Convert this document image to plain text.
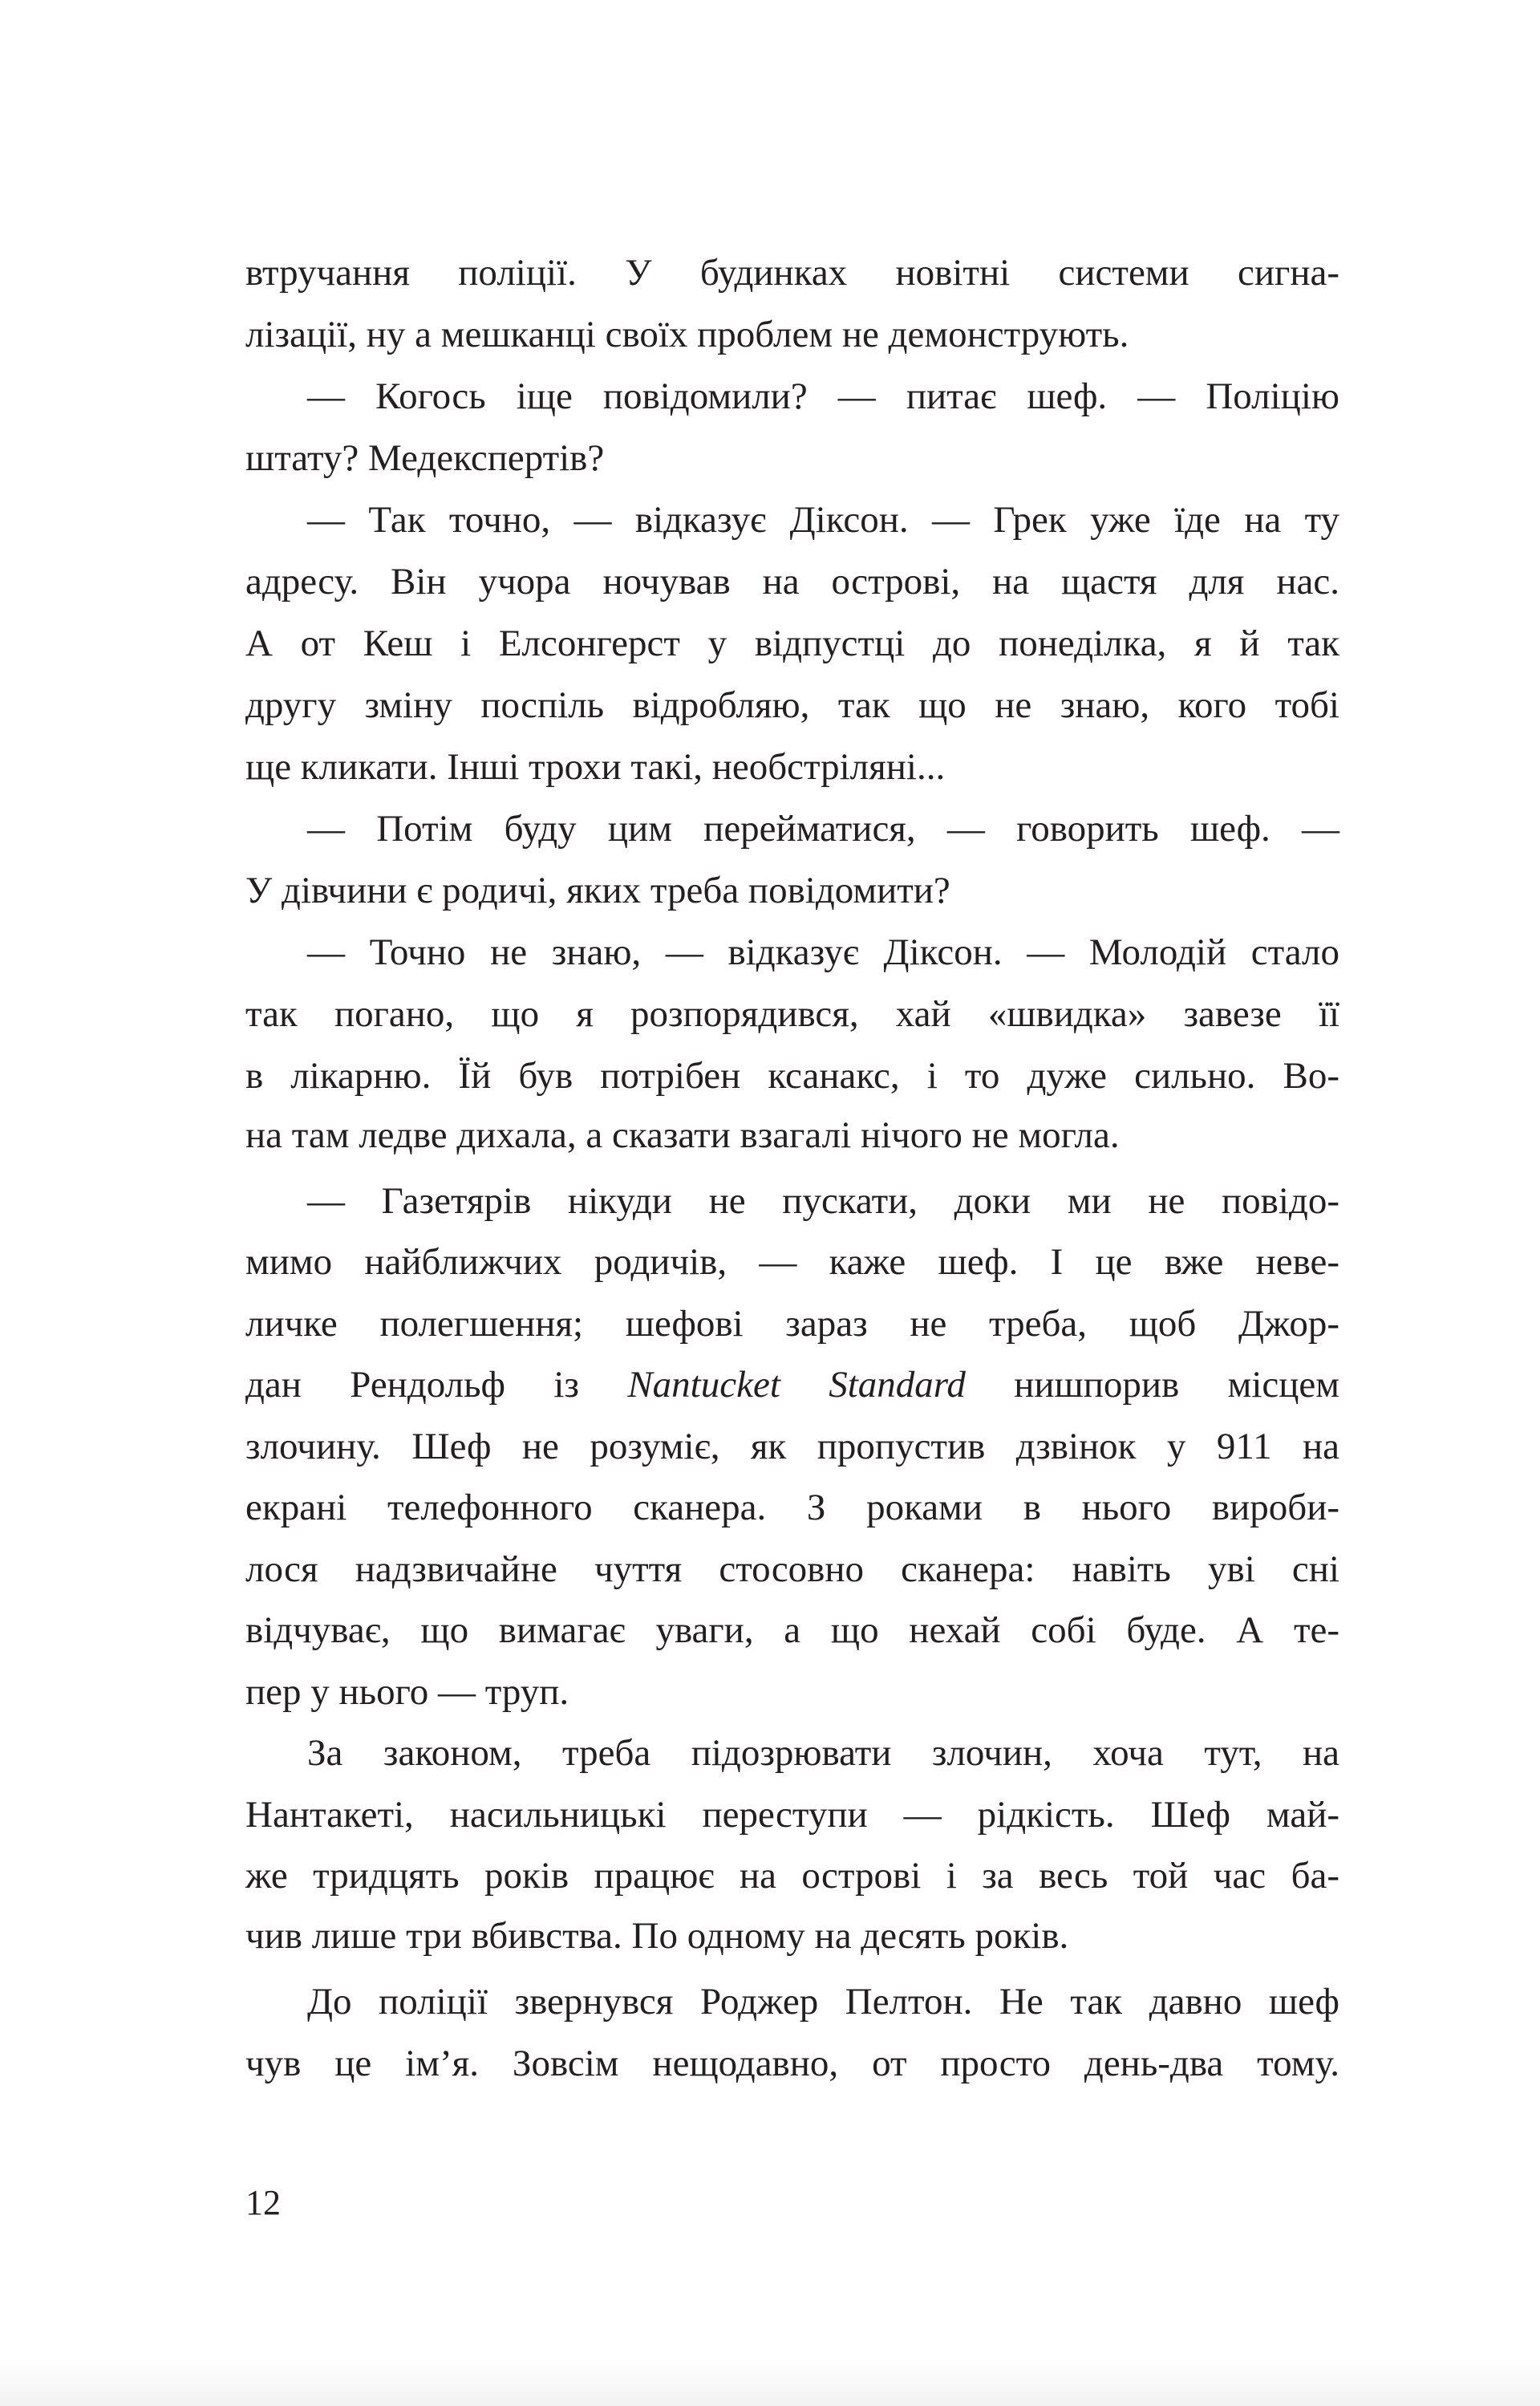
втручання поліції. У будинках новітні системи сигна-
лізації, ну а мешканці своїх проблем не демонструють.
— Когось іще повідомили? — питає шеф. — Поліцію
штату? Медекспертів?
— Так точно, — відказує Діксон. — Грек уже їде на ту
адресу. Він учора ночував на острові, на щастя для нас.
А от Кеш і Елсонгерст у відпустці до понеділка, я й так
другу зміну поспіль відробляю, так що не знаю, кого тобі
ще кликати. Інші трохи такі, необстріляні...
— Потім буду цим перейматися, — говорить шеф. —
У дівчини є родичі, яких треба повідомити?
— Точно не знаю, — відказує Діксон. — Молодій стало
так погано, що я розпорядився, хай «швидка» завезе її
в лікарню. Їй був потрібен ксанакс, і то дуже сильно. Во-
на там ледве дихала, а сказати взагалі нічого не могла.
— Газетярів нікуди не пускати, доки ми не повідо-
мимо найближчих родичів, — каже шеф. І це вже неве-
личке полегшення; шефові зараз не треба, щоб Джор-
дан Рендольф із Nantucket Standard нишпорив місцем
злочину. Шеф не розуміє, як пропустив дзвінок у 911 на
екрані телефонного сканера. З роками в нього вироби-
лося надзвичайне чуття стосовно сканера: навіть уві сні
відчуває, що вимагає уваги, а що нехай собі буде. А те-
пер у нього — труп.
За законом, треба підозрювати злочин, хоча тут, на
Нантакеті, насильницькі переступи — рідкість. Шеф май-
же тридцять років працює на острові і за весь той час ба-
чив лише три вбивства. По одному на десять років.
До поліції звернувся Роджер Пелтон. Не так давно шеф
чув це ім’я. Зовсім нещодавно, от просто день-два тому.
12
